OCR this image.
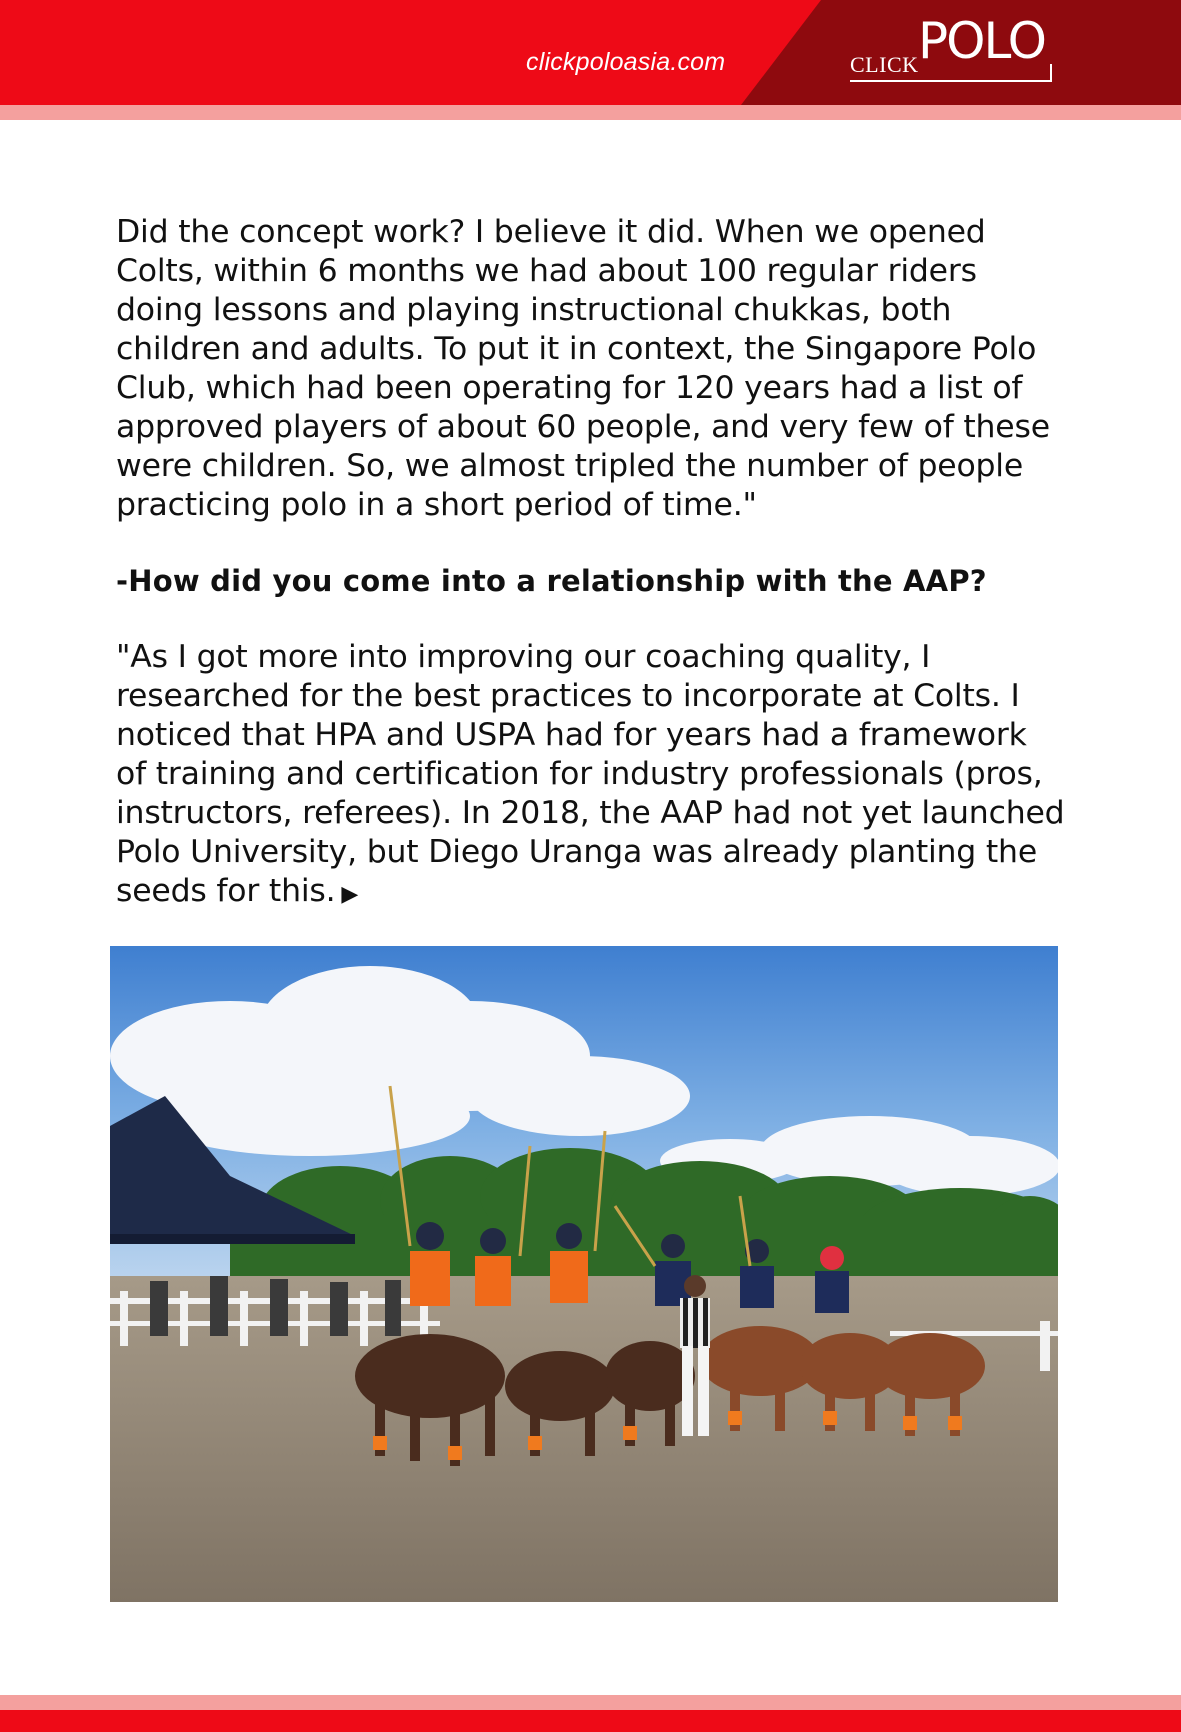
clickpoloasia.com	CLICK POLO

Did the concept work? I believe it did. When we opened Colts, within 6 months we had about 100 regular riders doing lessons and playing instructional chukkas, both children and adults. To put it in context, the Singapore Polo Club, which had been operating for 120 years had a list of approved players of about 60 people, and very few of these were children. So, we almost tripled the number of people practicing polo in a short period of time."

-How did you come into a relationship with the AAP?

"As I got more into improving our coaching quality, I researched for the best practices to incorporate at Colts. I noticed that HPA and USPA had for years had a framework of training and certification for industry professionals (pros, instructors, referees). In 2018, the AAP had not yet launched Polo University, but Diego Uranga was already planting the seeds for this. ▶
